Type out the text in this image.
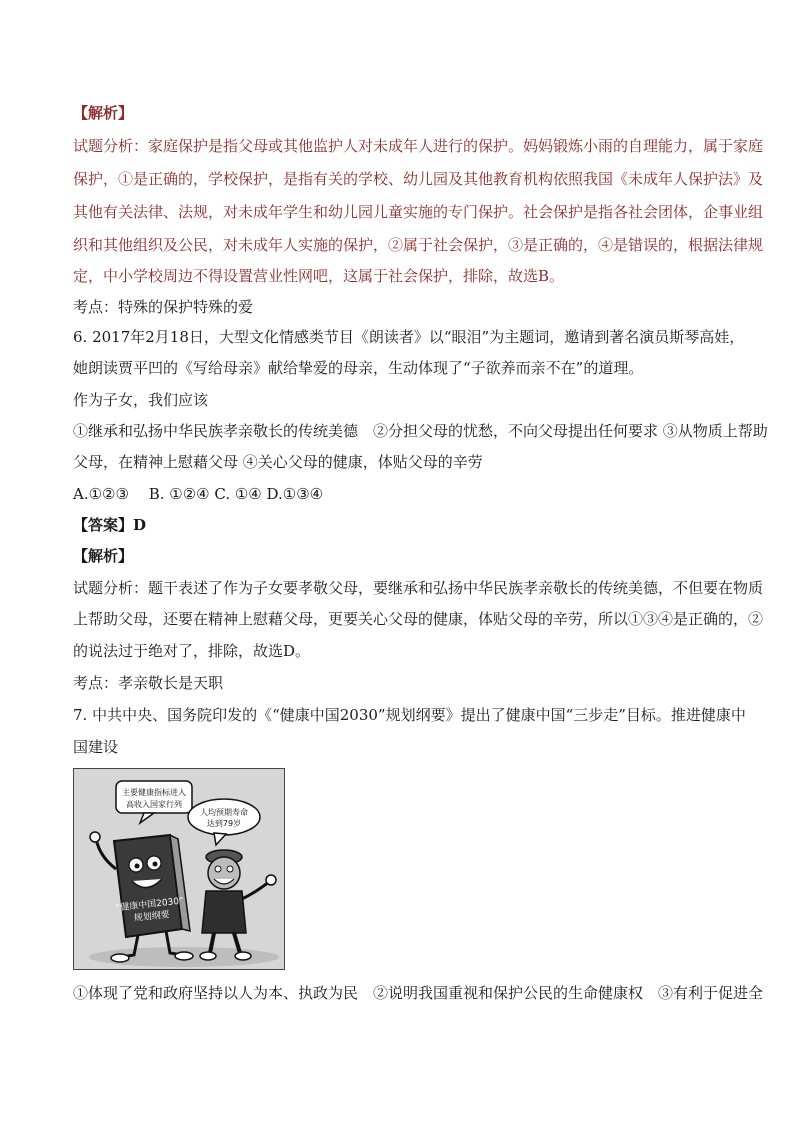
【解析】
试题分析：家庭保护是指父母或其他监护人对未成年人进行的保护。妈妈锻炼小雨的自理能力，属于家庭
保护，①是正确的，学校保护，是指有关的学校、幼儿园及其他教育机构依照我国《未成年人保护法》及
其他有关法律、法规，对未成年学生和幼儿园儿童实施的专门保护。社会保护是指各社会团体，企事业组
织和其他组织及公民，对未成年人实施的保护，②属于社会保护，③是正确的，④是错误的，根据法律规
定，中小学校周边不得设置营业性网吧，这属于社会保护，排除，故选B。
考点：特殊的保护特殊的爱
6. 2017年2月18日，大型文化情感类节目《朗读者》以“眼泪”为主题词，邀请到著名演员斯琴高娃，
她朗读贾平凹的《写给母亲》献给挚爱的母亲，生动体现了“子欲养而亲不在”的道理。
作为子女，我们应该
①继承和弘扬中华民族孝亲敬长的传统美德　②分担父母的忧愁，不向父母提出任何要求 ③从物质上帮助
父母，在精神上慰藉父母 ④关心父母的健康，体贴父母的辛劳
A.①②③　 B. ①②④ C. ①④ D.①③④
【答案】D
【解析】
试题分析：题干表述了作为子女要孝敬父母，要继承和弘扬中华民族孝亲敬长的传统美德，不但要在物质
上帮助父母，还要在精神上慰藉父母，更要关心父母的健康，体贴父母的辛劳，所以①③④是正确的，②
的说法过于绝对了，排除，故选D。
考点：孝亲敬长是天职
7. 中共中央、国务院印发的《“健康中国2030”规划纲要》提出了健康中国“三步走”目标。推进健康中
国建设
主要健康指标进入
高收入国家行列
人均预期寿命
达到79岁
“健康中国2030”
规划纲要
①体现了党和政府坚持以人为本、执政为民　②说明我国重视和保护公民的生命健康权　③有利于促进全
